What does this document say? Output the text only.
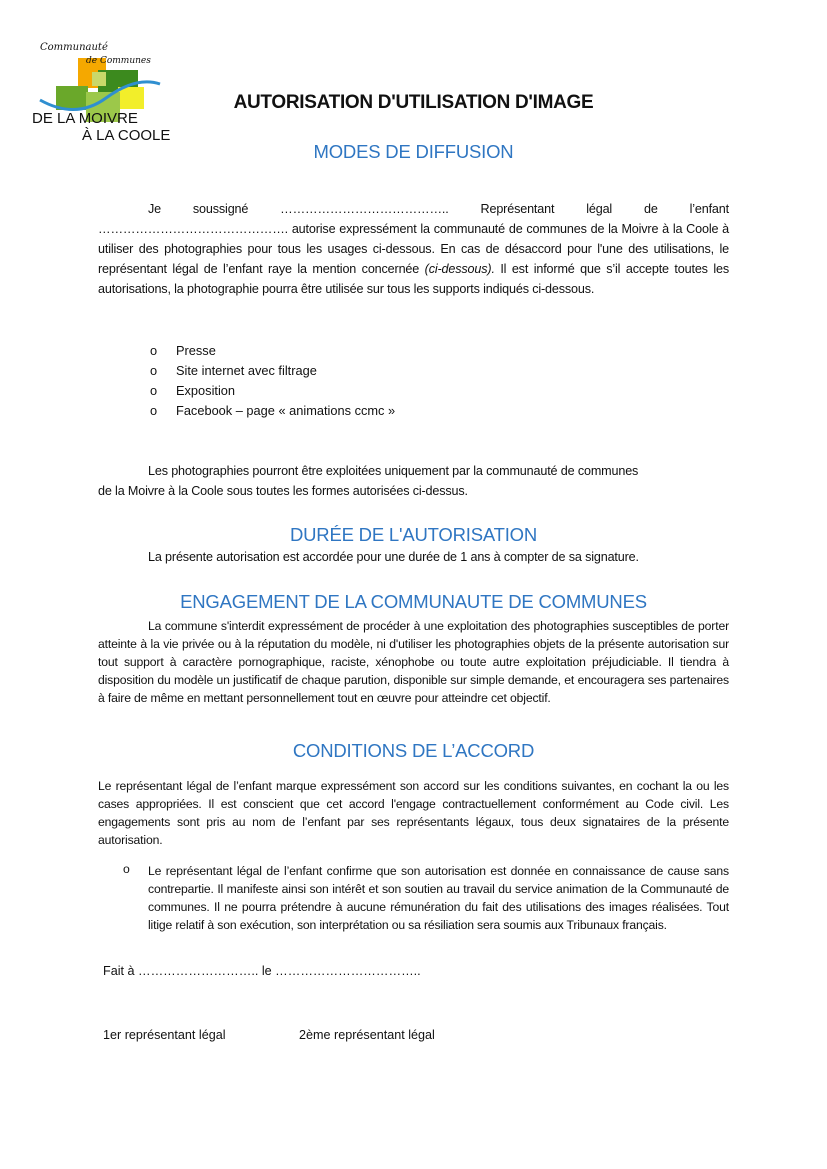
Communauté
de Communes
DE LA MOIVRE
À LA COOLE
AUTORISATION D'UTILISATION D'IMAGE
MODES DE DIFFUSION
Je soussigné ………………………………….. Représentant légal de l’enfant ………………………………………. autorise expressément la communauté de communes de la Moivre à la Coole à utiliser des photographies pour tous les usages ci-dessous. En cas de désaccord pour l'une des utilisations, le représentant légal de l’enfant raye la mention concernée (ci-dessous). Il est informé que s’il accepte toutes les autorisations, la photographie pourra être utilisée sur tous les supports indiqués ci-dessous.
o	Presse
o	Site internet avec filtrage
o	Exposition
o	Facebook – page « animations ccmc »
Les photographies pourront être exploitées uniquement par la communauté de communes
de la Moivre à la Coole sous toutes les formes autorisées ci-dessus.
DURÉE DE L'AUTORISATION
La présente autorisation est accordée pour une durée de 1 ans à compter de sa signature.
ENGAGEMENT DE LA COMMUNAUTE DE COMMUNES
La commune s'interdit expressément de procéder à une exploitation des photographies susceptibles de porter atteinte à la vie privée ou à la réputation du modèle, ni d'utiliser les photographies objets de la présente autorisation sur tout support à caractère pornographique, raciste, xénophobe ou toute autre exploitation préjudiciable. Il tiendra à disposition du modèle un justificatif de chaque parution, disponible sur simple demande, et encouragera ses partenaires à faire de même en mettant personnellement tout en œuvre pour atteindre cet objectif.
CONDITIONS DE L’ACCORD
Le représentant légal de l’enfant marque expressément son accord sur les conditions suivantes, en cochant la ou les cases appropriées. Il est conscient que cet accord l'engage contractuellement conformément au Code civil. Les engagements sont pris au nom de l’enfant par ses représentants légaux, tous deux signataires de la présente autorisation.
o Le représentant légal de l’enfant confirme que son autorisation est donnée en connaissance de cause sans contrepartie. Il manifeste ainsi son intérêt et son soutien au travail du service animation de la Communauté de communes. Il ne pourra prétendre à aucune rémunération du fait des utilisations des images réalisées. Tout litige relatif à son exécution, son interprétation ou sa résiliation sera soumis aux Tribunaux français.
Fait à ……………………….. le ……………………………..
1er représentant légal	2ème représentant légal
